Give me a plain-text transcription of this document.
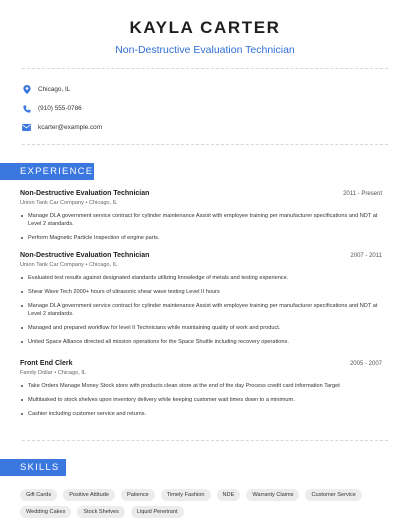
KAYLA CARTER
Non-Destructive Evaluation Technician
Chicago, IL
(910) 555-0786
kcarter@example.com
EXPERIENCE
Non-Destructive Evaluation Technician	2011 - Present
Union Tank Car Company • Chicago, IL
Manage DLA government service contract for cylinder maintenance Assist with employee training per manufacturer specifications and NDT at Level 2 standards.
Perform Magnetic Particle Inspection of engine parts.
Non-Destructive Evaluation Technician	2007 - 2011
Union Tank Car Company • Chicago, IL
Evaluated test results against designated standards utilizing knowledge of metals and testing experience.
Shear Wave Tech 2000+ hours of ultrasonic shear wave testing Level II hours
Manage DLA government service contract for cylinder maintenance Assist with employee training per manufacturer specifications and NDT at Level 2 standards.
Managed and prepared workflow for level II Technicians while maintaining quality of work and product.
United Space Alliance directed all mission operations for the Space Shuttle including recovery operations.
Front End Clerk	2005 - 2007
Family Dollar • Chicago, IL
Take Orders Manage Money Stock store with products clean store at the end of the day Process credit card information Target
Multitasked to stock shelves upon inventory delivery while keeping customer wait times down to a minimum.
Cashier including customer service and returns.
SKILLS
Gift Cards	Positive Attitude	Patience	Timely Fashion	NDE	Warranty Claims	Customer Service
Wedding Cakes	Stock Shelves	Liquid Penetrant
